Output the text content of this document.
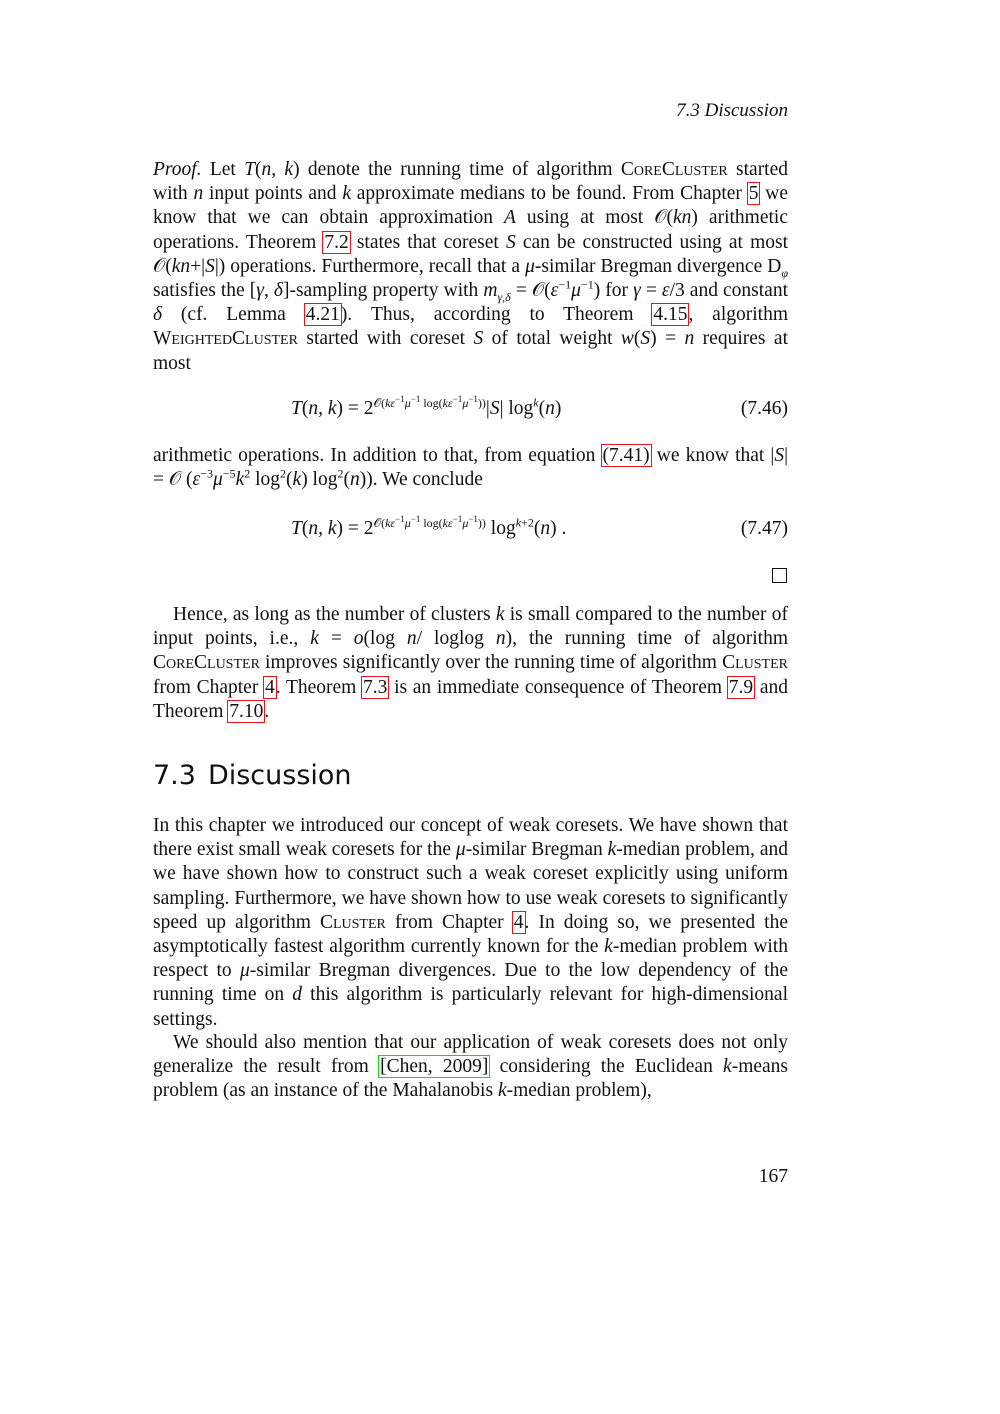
7.3 Discussion
Proof. Let T(n, k) denote the running time of algorithm CoreCluster started with n input points and k approximate medians to be found. From Chapter 5 we know that we can obtain approximation A using at most 𝒪(kn) arithmetic operations. Theorem 7.2 states that coreset S can be constructed using at most 𝒪(kn+|S|) operations. Furthermore, recall that a μ-similar Bregman divergence $D_\varphi$ satisfies the [γ, δ]-sampling property with $m_{\gamma,\delta}$ = $𝒪(\varepsilon^{-1}\mu^{-1})$ for γ = ε/3 and constant δ (cf. Lemma 4.21). Thus, according to Theorem 4.15, algorithm WeightedCluster started with coreset S of total weight w(S) = n requires at most
T(n, $k) = 2^{𝒪(k\varepsilon^{-1}\mu^{-1} log(k\varepsilon^{-1}\mu^{-1}))}|S|$ $\log^k(n)$	(7.46)
arithmetic operations. In addition to that, from equation (7.41) we know that |S| = 𝒪 ($\varepsilon^{-3}\mu^{-5}k^2$ $\log^2(k)$ $\log^2(n)$). We conclude
T(n, $k) = 2^{𝒪(k\varepsilon^{-1}\mu^{-1} log(k\varepsilon^{-1}\mu^{-1}))}$ $\log^{k+2}(n)$ .	(7.47)
Hence, as long as the number of clusters k is small compared to the number of input points, i.e., k = o(log n/ loglog n), the running time of algorithm CoreCluster improves significantly over the running time of algorithm Cluster from Chapter 4. Theorem 7.3 is an immediate consequence of Theorem 7.9 and Theorem 7.10.
7.3 Discussion
In this chapter we introduced our concept of weak coresets. We have shown that there exist small weak coresets for the μ-similar Bregman k-median problem, and we have shown how to construct such a weak coreset explicitly using uniform sampling. Furthermore, we have shown how to use weak coresets to significantly speed up algorithm Cluster from Chapter 4. In doing so, we presented the asymptotically fastest algorithm currently known for the k-median problem with respect to μ-similar Bregman divergences. Due to the low dependency of the running time on d this algorithm is particularly relevant for high-dimensional settings.
We should also mention that our application of weak coresets does not only generalize the result from [Chen, 2009] considering the Euclidean k-means problem (as an instance of the Mahalanobis k-median problem),
167
